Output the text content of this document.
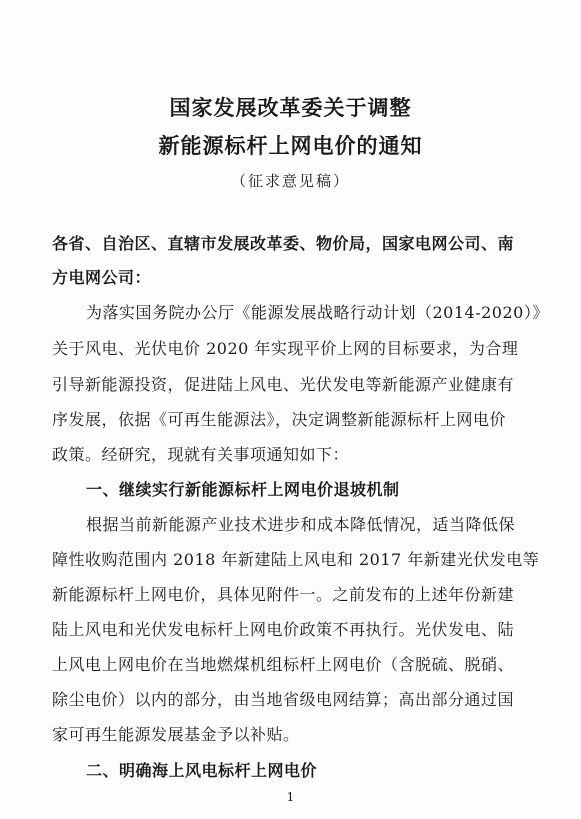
国家发展改革委关于调整
新能源标杆上网电价的通知
（征求意见稿）
各省、自治区、直辖市发展改革委、物价局，国家电网公司、南
方电网公司：
为落实国务院办公厅《能源发展战略行动计划（2014-2020）》
关于风电、光伏电价 2020 年实现平价上网的目标要求，为合理
引导新能源投资，促进陆上风电、光伏发电等新能源产业健康有
序发展，依据《可再生能源法》，决定调整新能源标杆上网电价
政策。经研究，现就有关事项通知如下：
一、继续实行新能源标杆上网电价退坡机制
根据当前新能源产业技术进步和成本降低情况，适当降低保
障性收购范围内 2018 年新建陆上风电和 2017 年新建光伏发电等
新能源标杆上网电价，具体见附件一。之前发布的上述年份新建
陆上风电和光伏发电标杆上网电价政策不再执行。光伏发电、陆
上风电上网电价在当地燃煤机组标杆上网电价（含脱硫、脱硝、
除尘电价）以内的部分，由当地省级电网结算；高出部分通过国
家可再生能源发展基金予以补贴。
二、明确海上风电标杆上网电价
1
